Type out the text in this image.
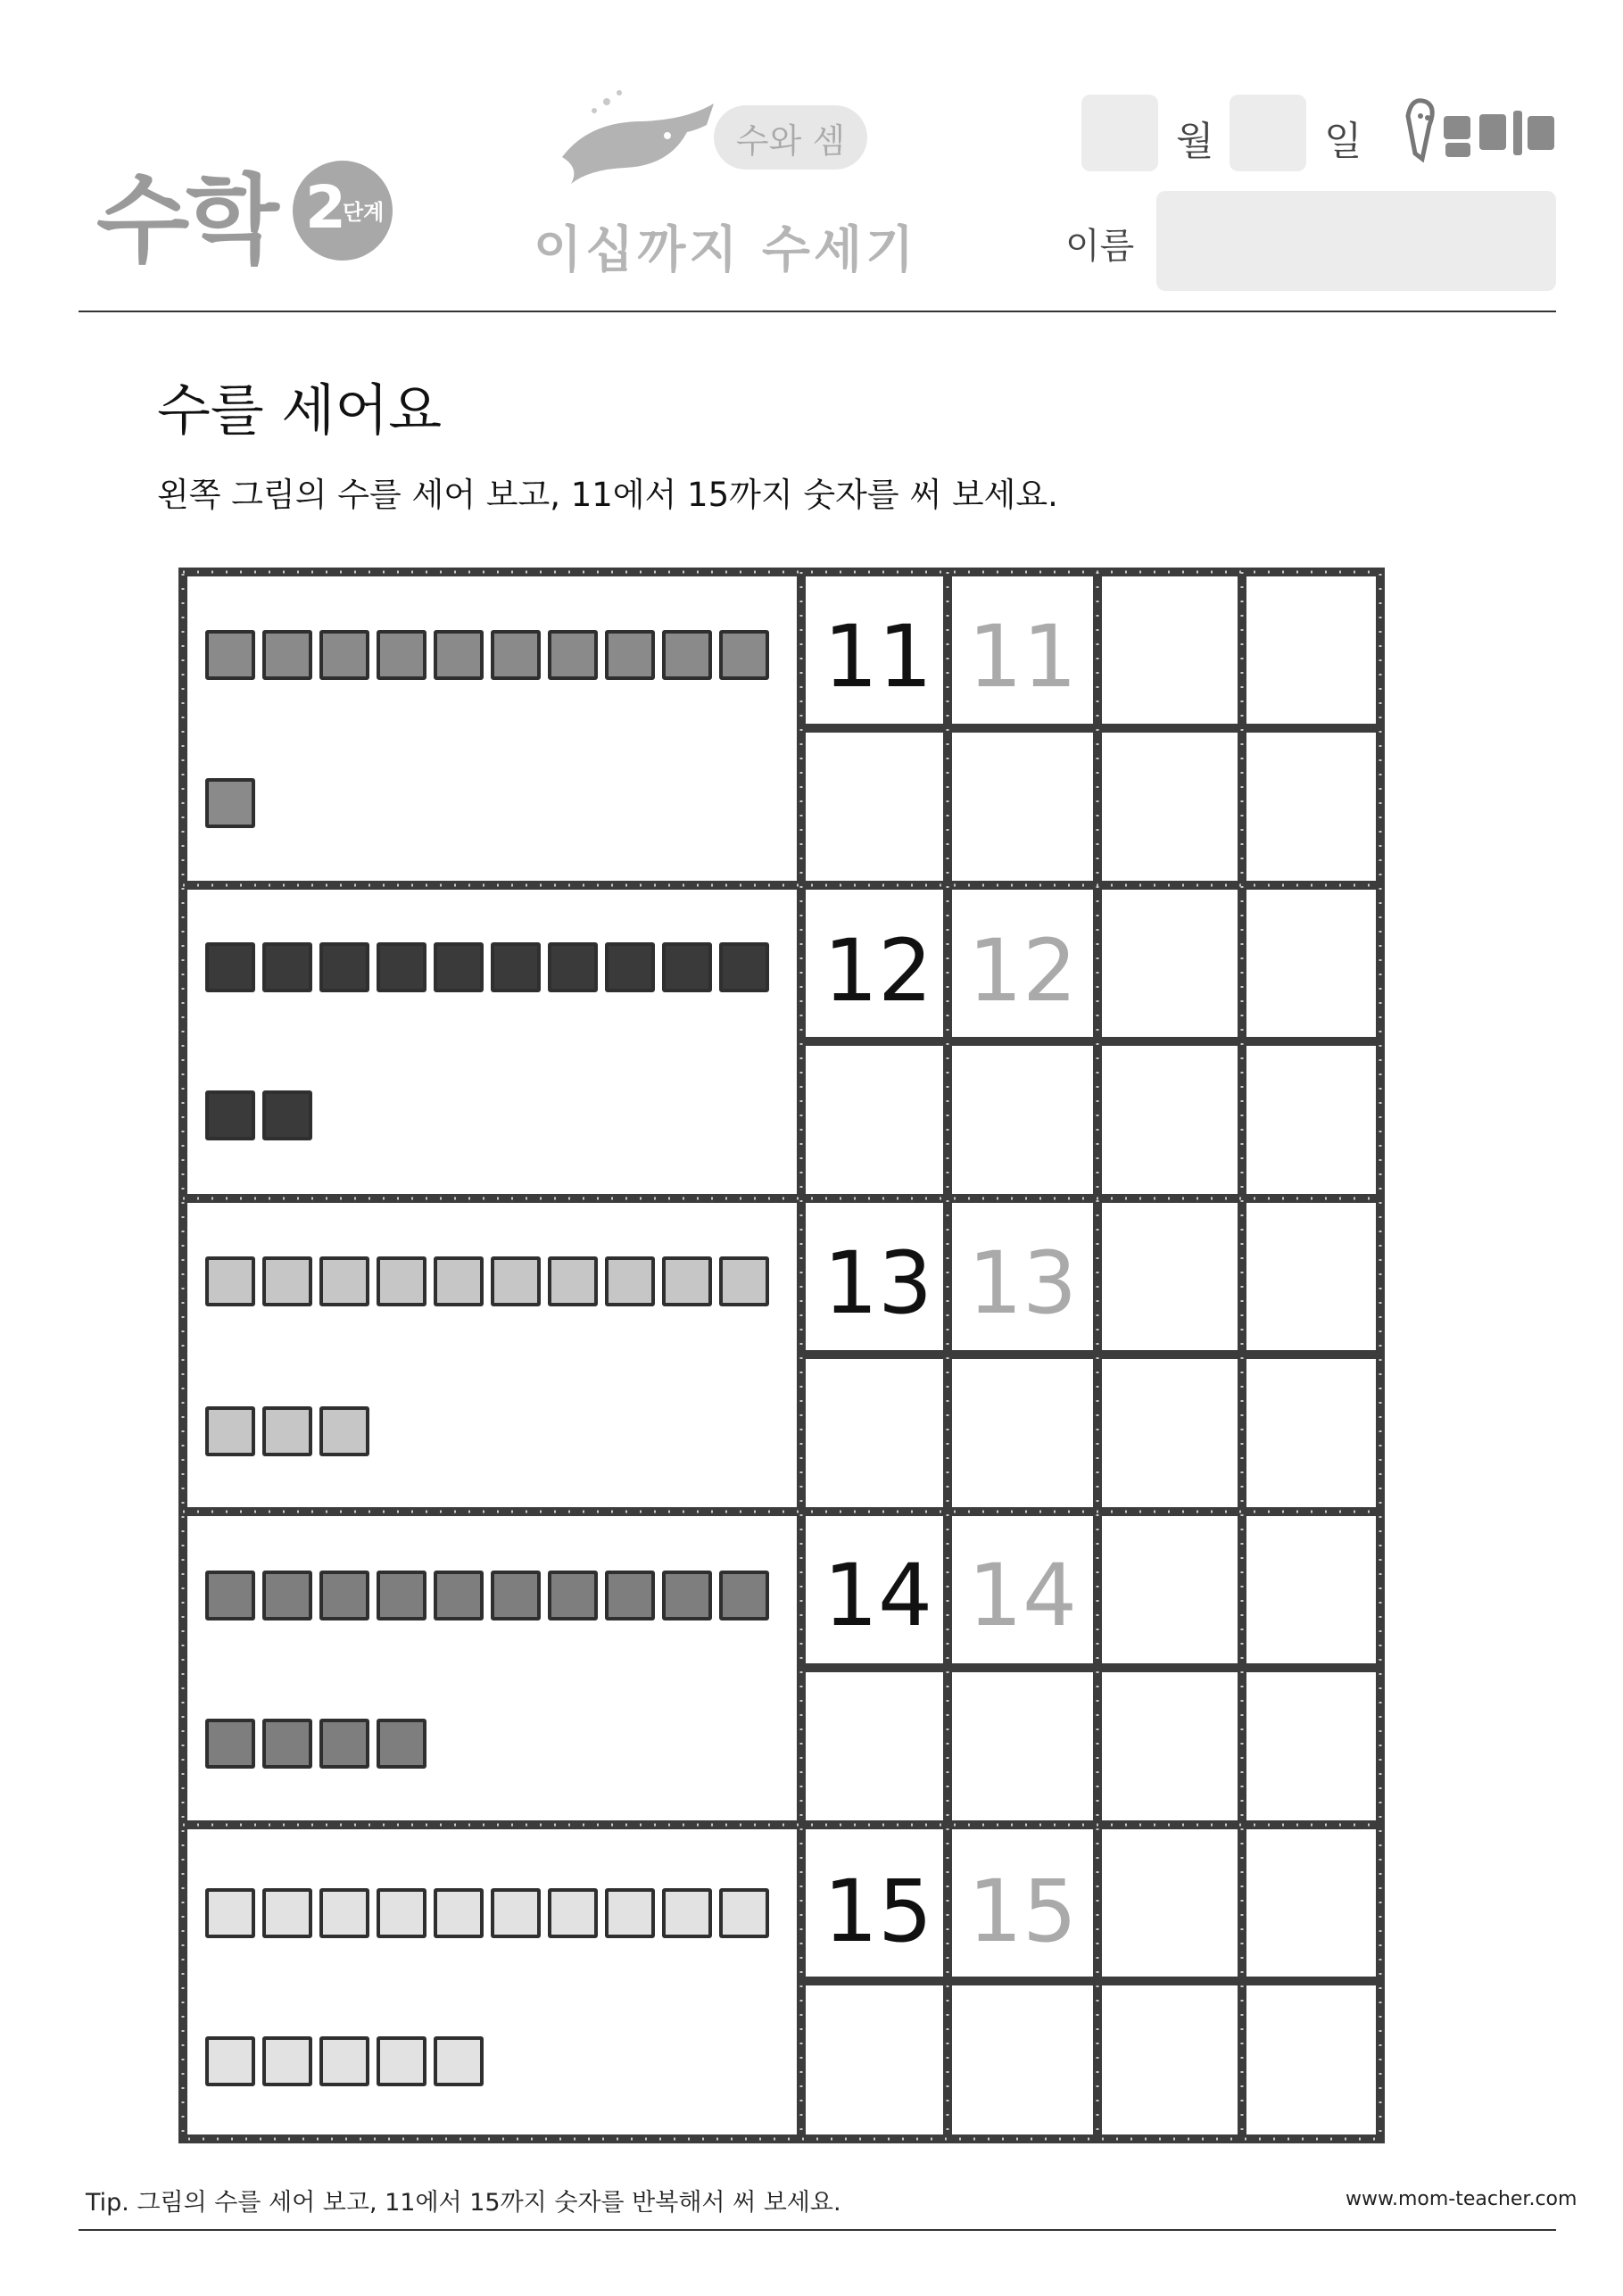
수학 2
단계
수와 셈
이십까지 수세기
월	일
이름
수를 세어요
왼쪽 그림의 수를 세어 보고, 11에서 15까지 숫자를 써 보세요.
11 11
12 12
13 13
14 14
15 15
Tip. 그림의 수를 세어 보고, 11에서 15까지 숫자를 반복해서 써 보세요.	www.mom-teacher.com
